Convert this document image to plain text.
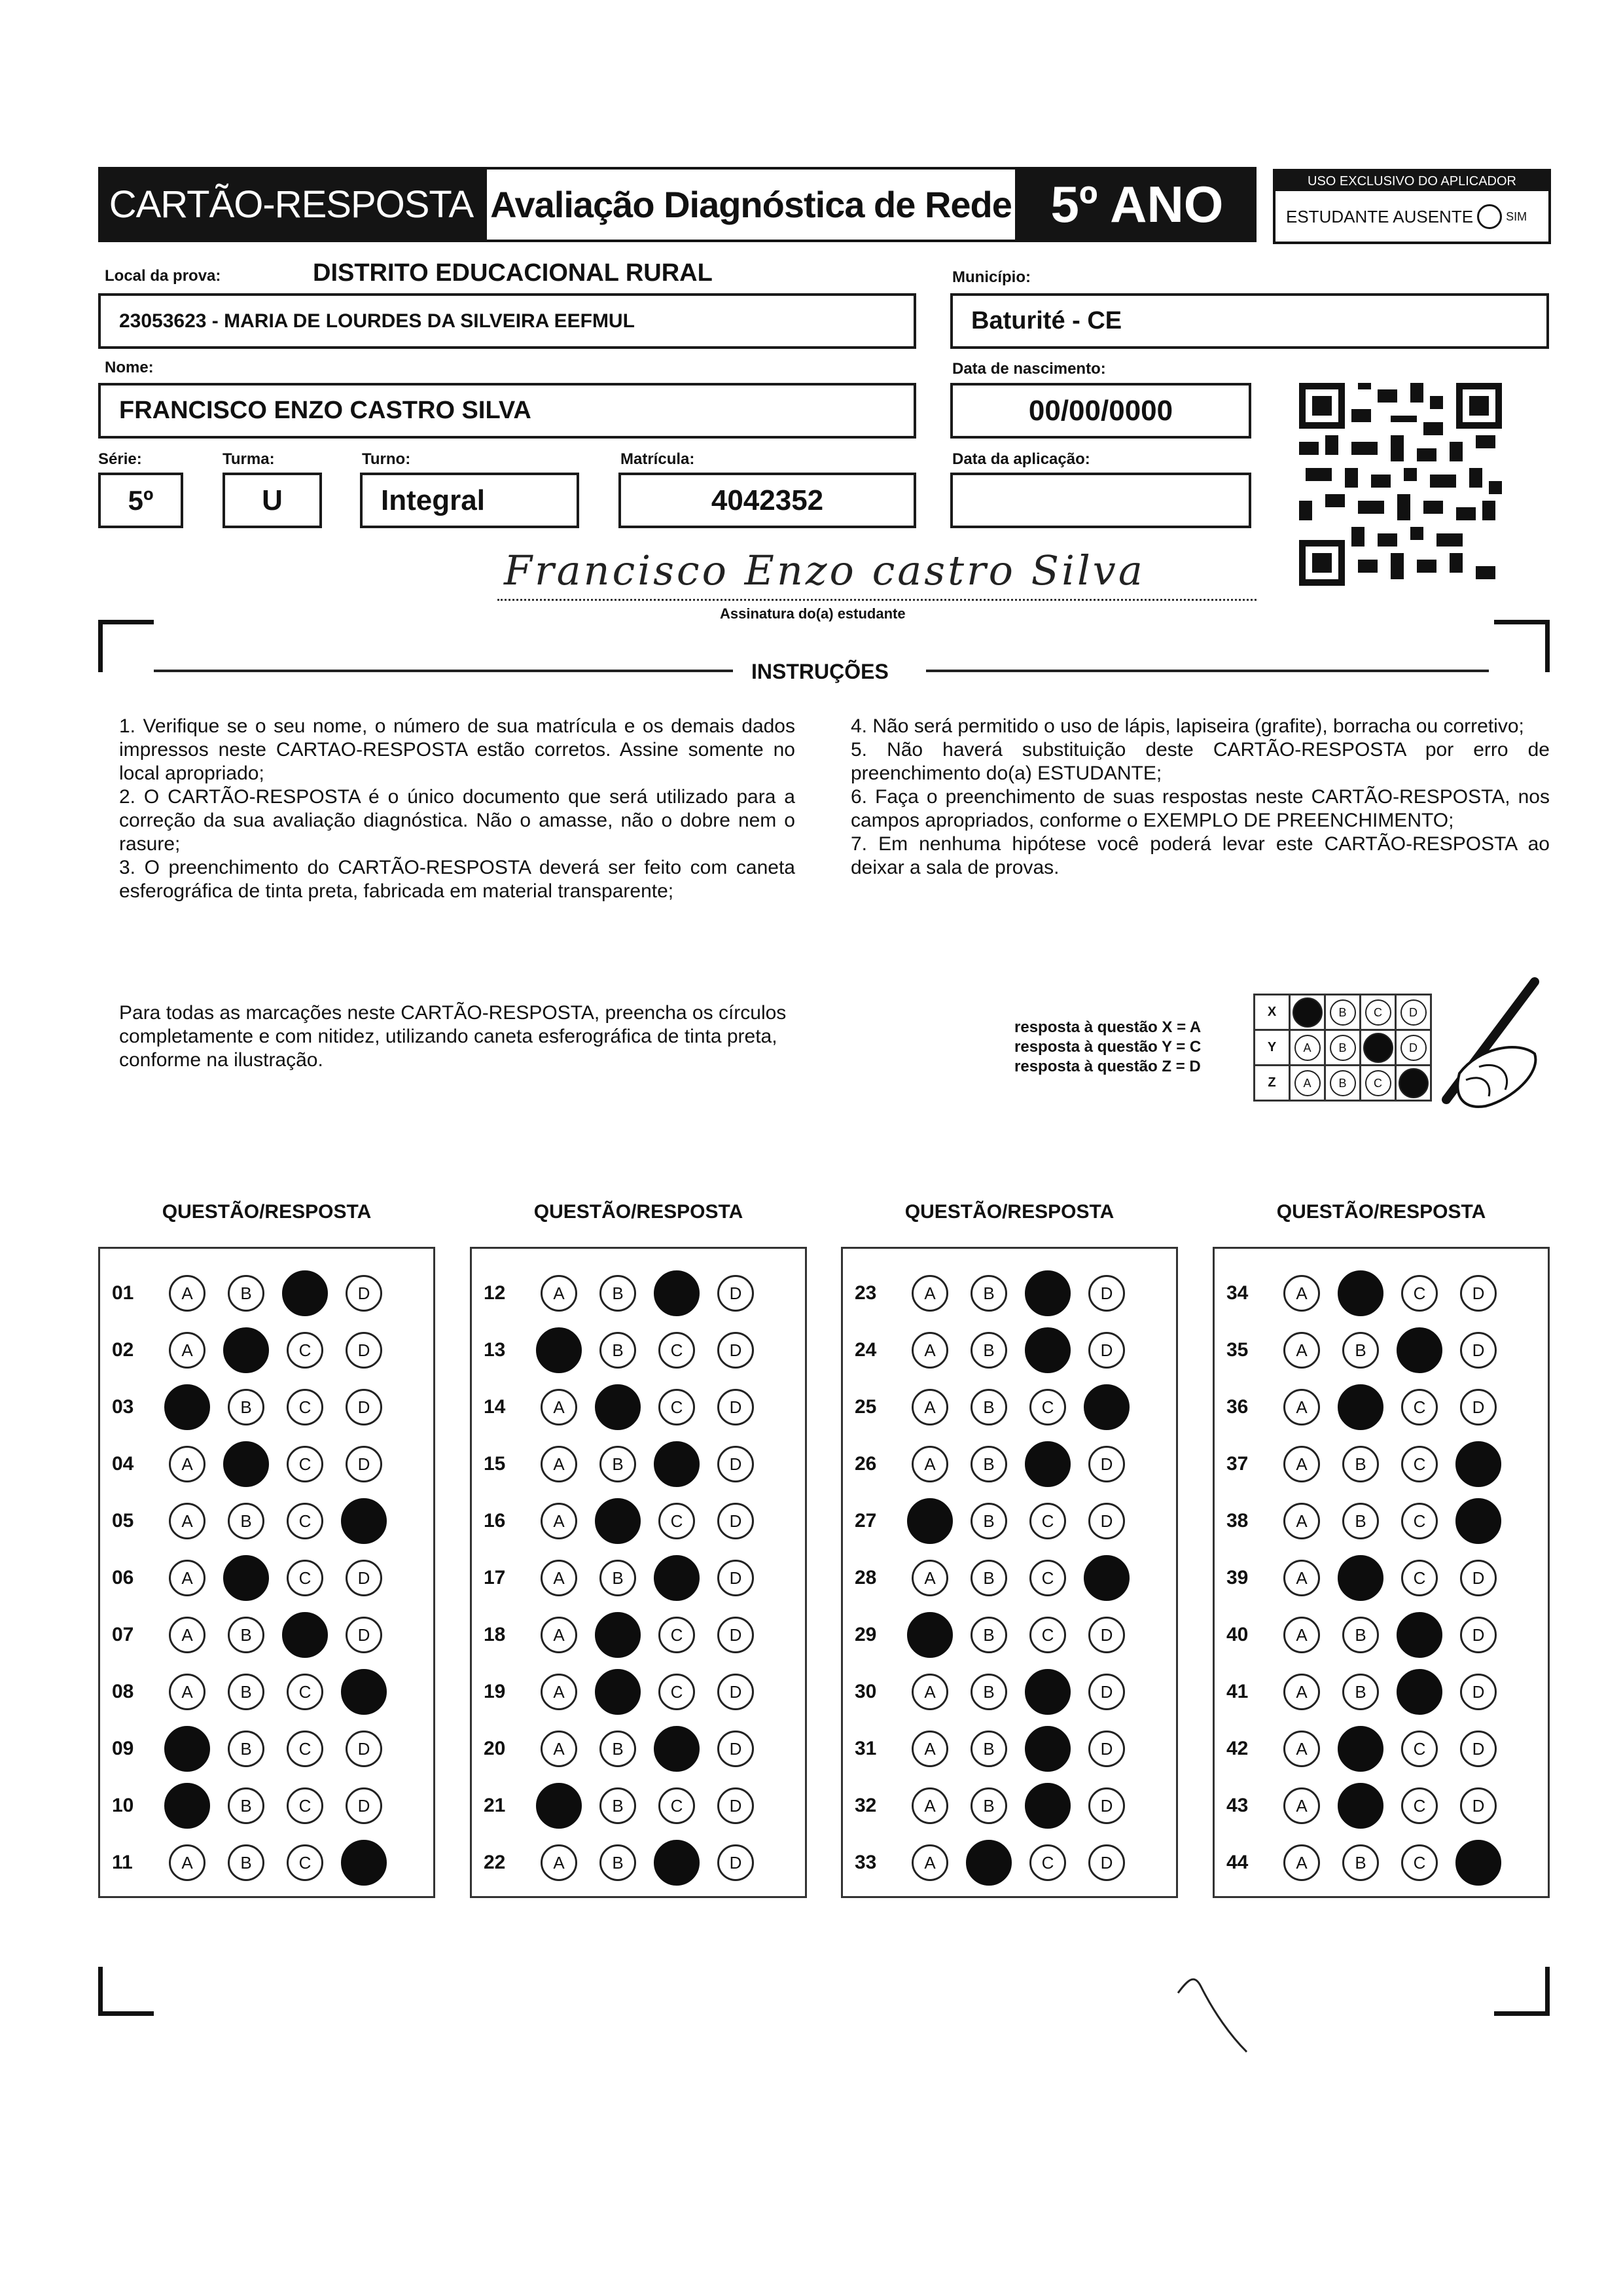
CARTÃO-RESPOSTA Avaliação Diagnóstica de Rede 5º ANO	USO EXCLUSIVO DO APLICADOR
ESTUDANTE AUSENTE	SIM
Local da prova:	DISTRITO EDUCACIONAL RURAL
23053623 - MARIA DE LOURDES DA SILVEIRA EEFMUL
Município:
Baturité - CE
Nome:
FRANCISCO ENZO CASTRO SILVA
Data de nascimento:
00/00/0000
Série:
5º
Turma:
U
Turno:
Integral
Matrícula:
4042352
Data da aplicação:
Francisco Enzo castro Silva
Assinatura do(a) estudante
INSTRUÇÕES

1. Verifique se o seu nome, o número de sua matrícula e os demais dados impressos neste CARTAO-RESPOSTA estão corretos. Assine somente no local apropriado;

2. O CARTÃO-RESPOSTA é o único documento que será utilizado para a correção da sua avaliação diagnóstica. Não o amasse, não o dobre nem o rasure;

3. O preenchimento do CARTÃO-RESPOSTA deverá ser feito com caneta esferográfica de tinta preta, fabricada em material transparente;

4. Não será permitido o uso de lápis, lapiseira (grafite), borracha ou corretivo;

5. Não haverá substituição deste CARTÃO-RESPOSTA por erro de preenchimento do(a) ESTUDANTE;

6. Faça o preenchimento de suas respostas neste CARTÃO-RESPOSTA, nos campos apropriados, conforme o EXEMPLO DE PREENCHIMENTO;

7. Em nenhuma hipótese você poderá levar este CARTÃO-RESPOSTA ao deixar a sala de provas.

Para todas as marcações neste CARTÃO-RESPOSTA, preencha os círculos completamente e com nitidez, utilizando caneta esferográfica de tinta preta, conforme na ilustração.
resposta à questão X = A
resposta à questão Y = C
resposta à questão Z = D
X		B	C	D
Y	A	B		D
Z	A	B	C	
QUESTÃO/RESPOSTA
01	A	B	D
02	A	C	D
03	B	C	D
04	A	C	D
05	A	B	C
06	A	C	D
07	A	B	D
08	A	B	C
09	B	C	D
10	B	C	D
11	A	B	C
QUESTÃO/RESPOSTA
12	A	B	D
13	B	C	D
14	A	C	D
15	A	B	D
16	A	C	D
17	A	B	D
18	A	C	D
19	A	C	D
20	A	B	D
21	B	C	D
22	A	B	D
QUESTÃO/RESPOSTA
23	A	B	D
24	A	B	D
25	A	B	C
26	A	B	D
27	B	C	D
28	A	B	C
29	B	C	D
30	A	B	D
31	A	B	D
32	A	B	D
33	A	C	D
QUESTÃO/RESPOSTA
34	A	C	D
35	A	B	D
36	A	C	D
37	A	B	C
38	A	B	C
39	A	C	D
40	A	B	D
41	A	B	D
42	A	C	D
43	A	C	D
44	A	B	C
